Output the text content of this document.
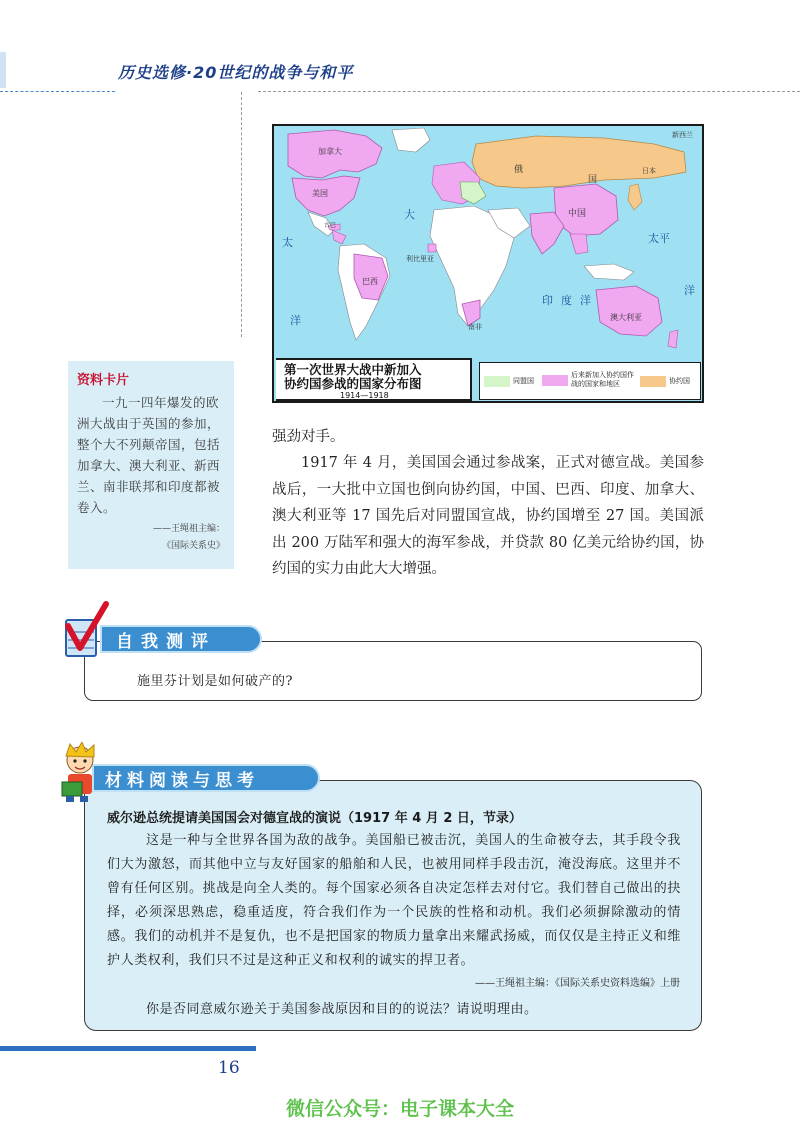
历史选修·20世纪的战争与和平
加拿大
美国
太
洋
大
俄
中国
国
巴西
印度洋
澳大利亚
太平
洋
新西兰
日本
利比里亚
南非
古巴
第一次世界大战中新加入
协约国参战的国家分布图
1914—1918
同盟国
后来新加入协约国作战的国家和地区	协约国
资料卡片
一九一四年爆发的欧洲大战由于英国的参加，整个大不列颠帝国，包括加拿大、澳大利亚、新西兰、南非联邦和印度都被卷入。
——王绳祖主编：
《国际关系史》

强劲对手。

1917 年 4 月，美国国会通过参战案，正式对德宣战。美国参战后，一大批中立国也倒向协约国，中国、巴西、印度、加拿大、澳大利亚等 17 国先后对同盟国宣战，协约国增至 27 国。美国派出 200 万陆军和强大的海军参战，并贷款 80 亿美元给协约国，协约国的实力由此大大增强。

自我测评
施里芬计划是如何破产的?
材料阅读与思考
威尔逊总统提请美国国会对德宣战的演说（1917 年 4 月 2 日，节录）
这是一种与全世界各国为敌的战争。美国船已被击沉，美国人的生命被夺去，其手段令我们大为激怒，而其他中立与友好国家的船舶和人民，也被用同样手段击沉，淹没海底。这里并不曾有任何区别。挑战是向全人类的。每个国家必须各自决定怎样去对付它。我们替自己做出的抉择，必须深思熟虑，稳重适度，符合我们作为一个民族的性格和动机。我们必须摒除激动的情感。我们的动机并不是复仇，也不是把国家的物质力量拿出来耀武扬威，而仅仅是主持正义和维护人类权利，我们只不过是这种正义和权利的诚实的捍卫者。
——王绳祖主编：《国际关系史资料选编》上册
你是否同意威尔逊关于美国参战原因和目的的说法？请说明理由。
16
微信公众号：电子课本大全
